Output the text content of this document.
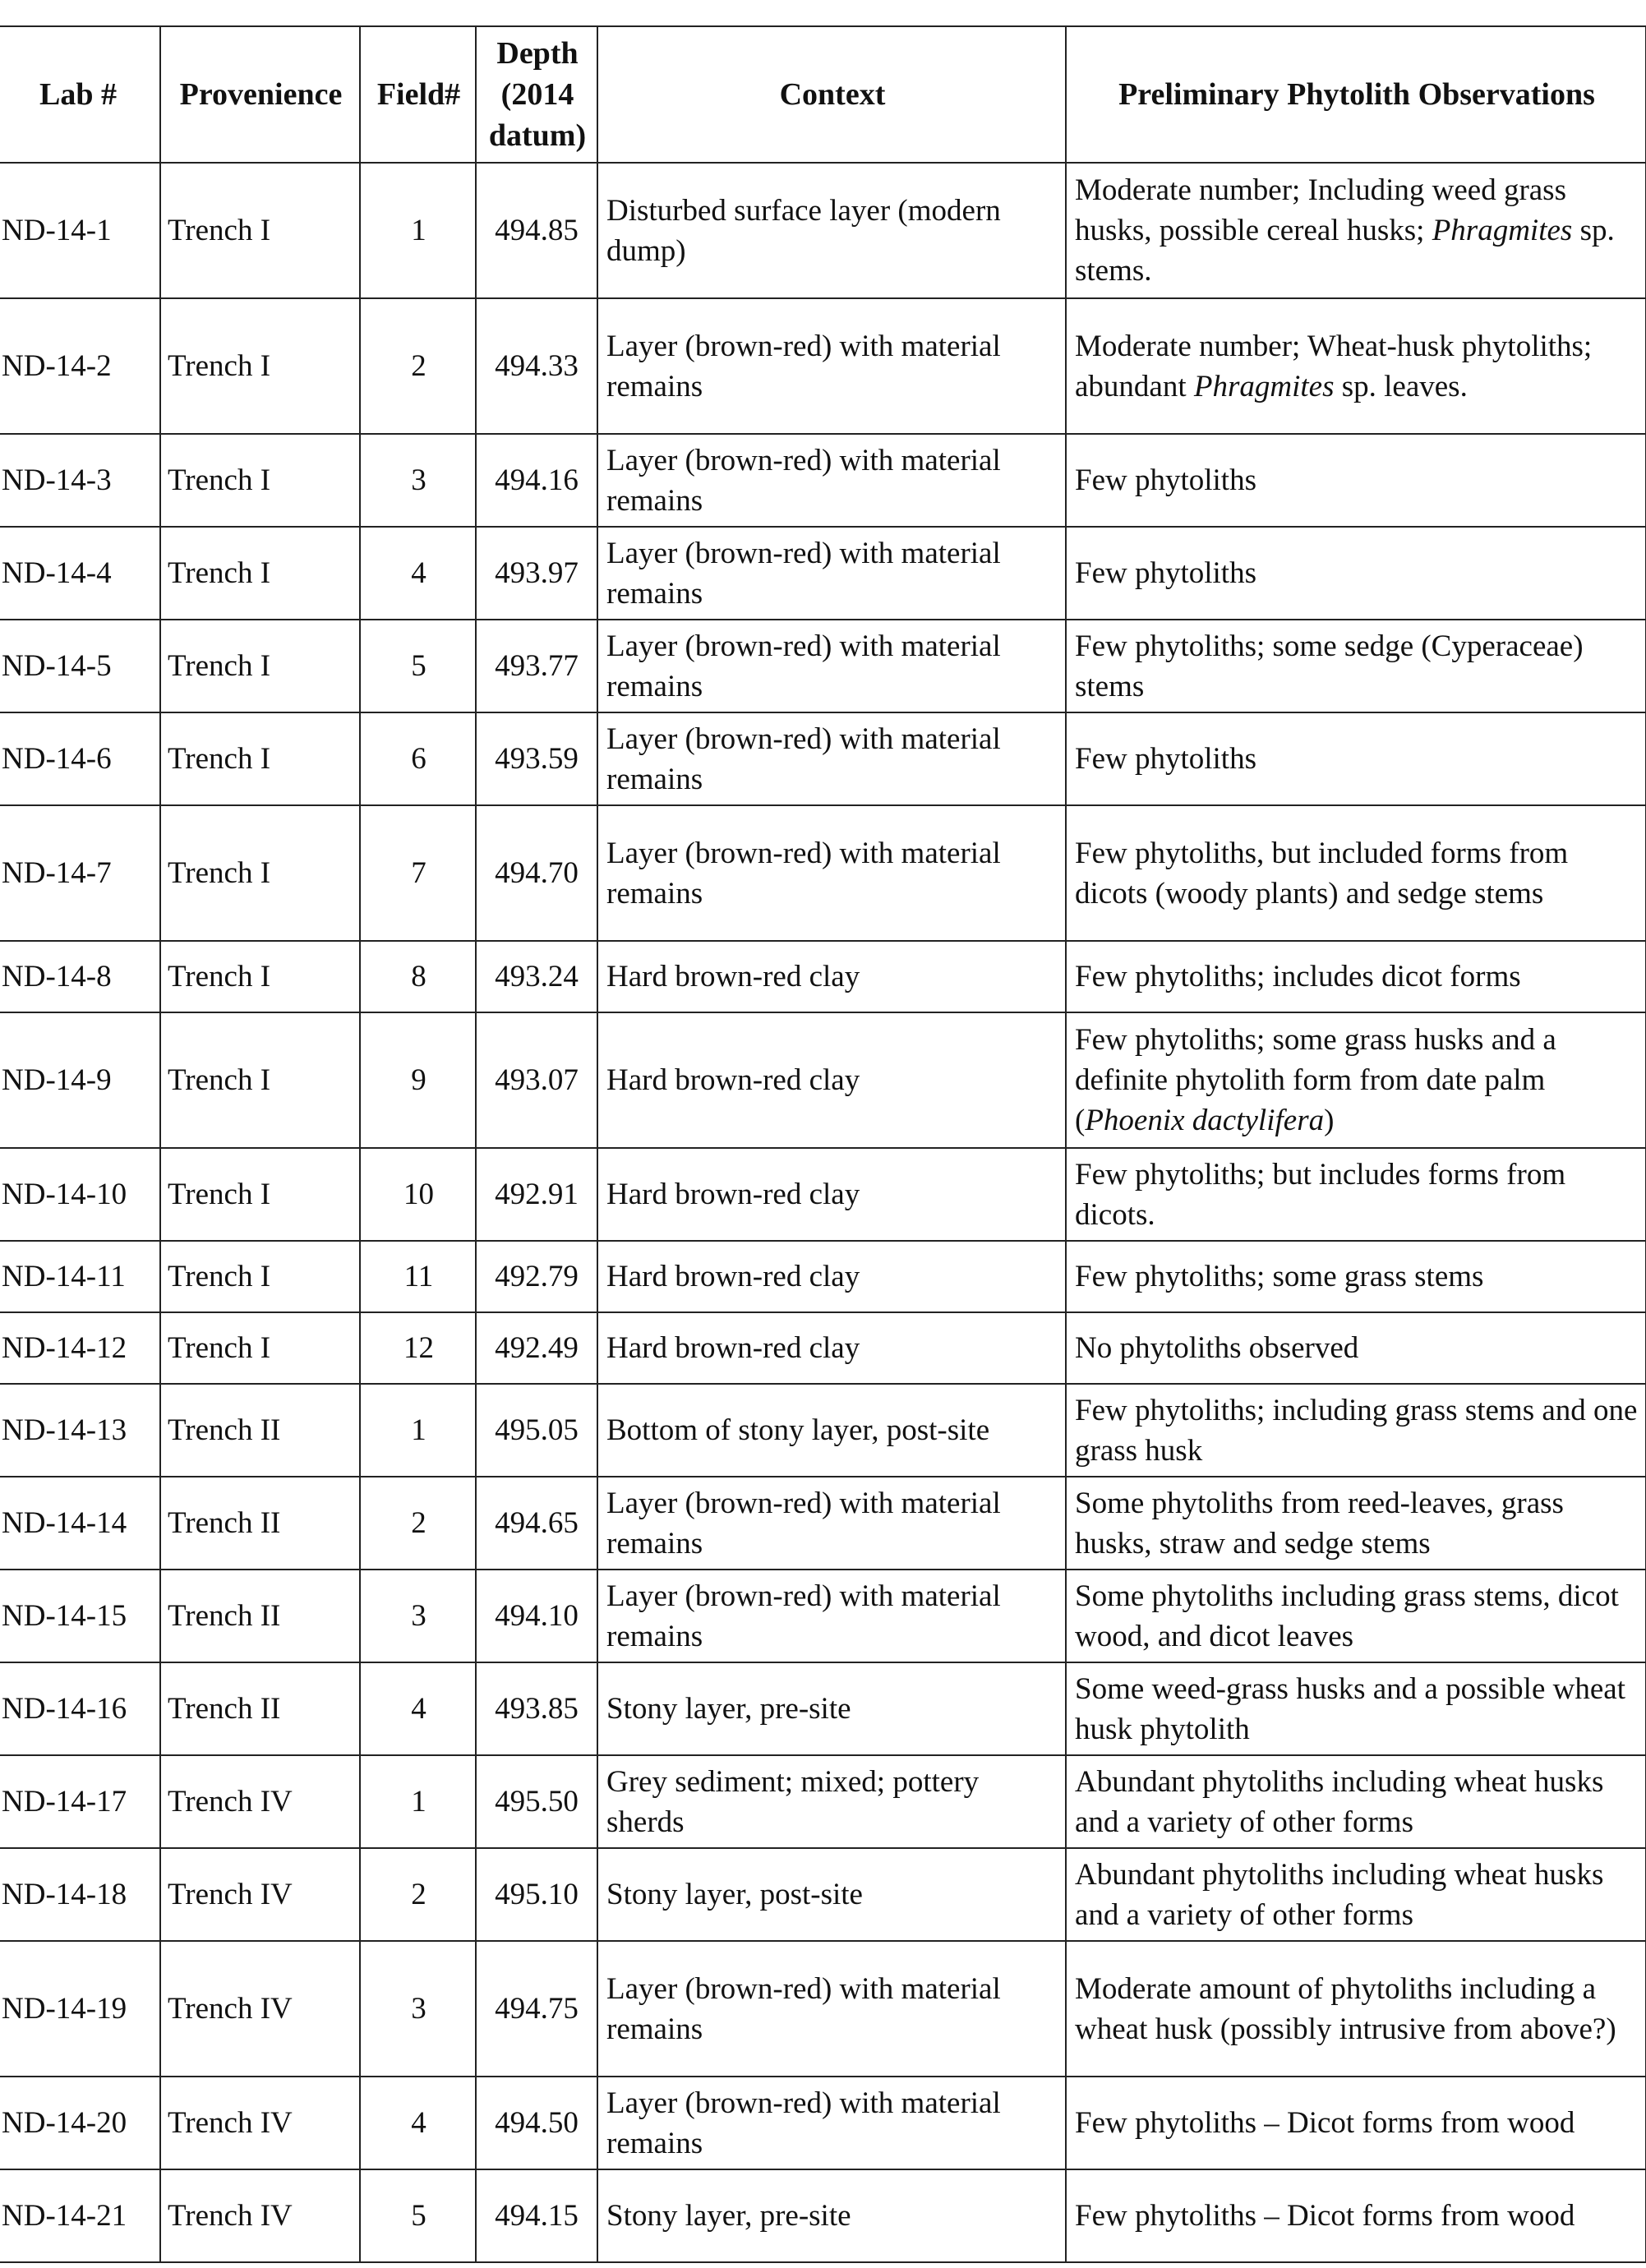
Lab #	Provenience	Field#	Depth (2014 datum)	Context	Preliminary Phytolith Observations
ND-14-1	Trench I	1	494.85	Disturbed surface layer (modern dump)	Moderate number; Including weed grass husks, possible cereal husks; Phragmites sp. stems.
ND-14-2	Trench I	2	494.33	Layer (brown-red) with material remains	Moderate number; Wheat-husk phytoliths; abundant Phragmites sp. leaves.
ND-14-3	Trench I	3	494.16	Layer (brown-red) with material remains	Few phytoliths
ND-14-4	Trench I	4	493.97	Layer (brown-red) with material remains	Few phytoliths
ND-14-5	Trench I	5	493.77	Layer (brown-red) with material remains	Few phytoliths; some sedge (Cyperaceae) stems
ND-14-6	Trench I	6	493.59	Layer (brown-red) with material remains	Few phytoliths
ND-14-7	Trench I	7	494.70	Layer (brown-red) with material remains	Few phytoliths, but included forms from dicots (woody plants) and sedge stems
ND-14-8	Trench I	8	493.24	Hard brown-red clay	Few phytoliths; includes dicot forms
ND-14-9	Trench I	9	493.07	Hard brown-red clay	Few phytoliths; some grass husks and a definite phytolith form from date palm (Phoenix dactylifera)
ND-14-10	Trench I	10	492.91	Hard brown-red clay	Few phytoliths; but includes forms from dicots.
ND-14-11	Trench I	11	492.79	Hard brown-red clay	Few phytoliths; some grass stems
ND-14-12	Trench I	12	492.49	Hard brown-red clay	No phytoliths observed
ND-14-13	Trench II	1	495.05	Bottom of stony layer, post-site	Few phytoliths; including grass stems and one grass husk
ND-14-14	Trench II	2	494.65	Layer (brown-red) with material remains	Some phytoliths from reed-leaves, grass husks, straw and sedge stems
ND-14-15	Trench II	3	494.10	Layer (brown-red) with material remains	Some phytoliths including grass stems, dicot wood, and dicot leaves
ND-14-16	Trench II	4	493.85	Stony layer, pre-site	Some weed-grass husks and a possible wheat husk phytolith
ND-14-17	Trench IV	1	495.50	Grey sediment; mixed; pottery sherds	Abundant phytoliths including wheat husks and a variety of other forms
ND-14-18	Trench IV	2	495.10	Stony layer, post-site	Abundant phytoliths including wheat husks and a variety of other forms
ND-14-19	Trench IV	3	494.75	Layer (brown-red) with material remains	Moderate amount of phytoliths including a wheat husk (possibly intrusive from above?)
ND-14-20	Trench IV	4	494.50	Layer (brown-red) with material remains	Few phytoliths – Dicot forms from wood
ND-14-21	Trench IV	5	494.15	Stony layer, pre-site	Few phytoliths – Dicot forms from wood
